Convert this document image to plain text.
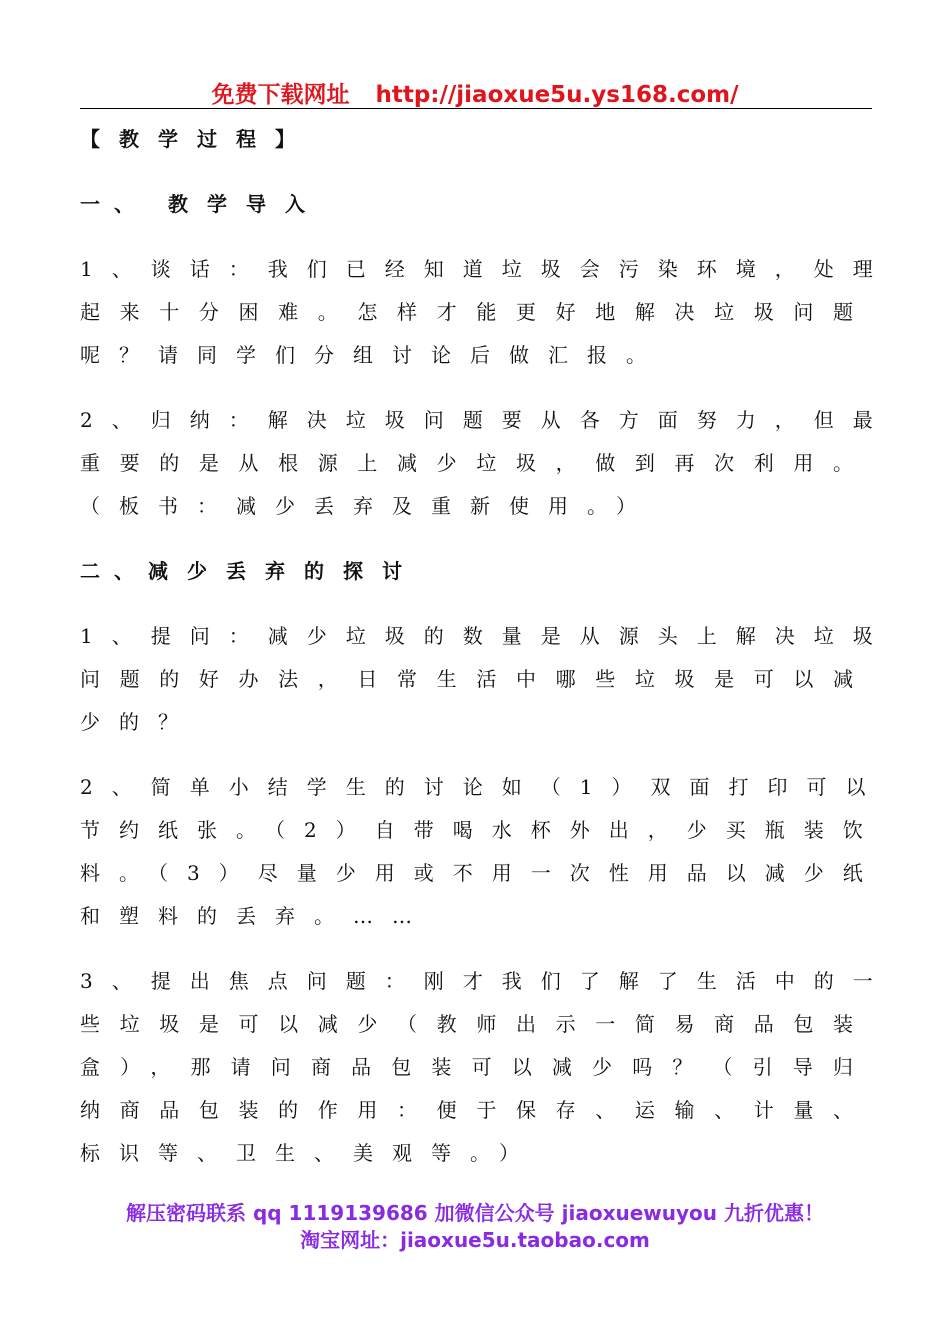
免费下载网址 http://jiaoxue5u.ys168.com/
【教学过程】
一、 教学导入
1、谈话：我们已经知道垃圾会污染环境，处理
起来十分困难。怎样才能更好地解决垃圾问题
呢？请同学们分组讨论后做汇报。
2、归纳：解决垃圾问题要从各方面努力，但最
重要的是从根源上减少垃圾，做到再次利用。
（板书：减少丢弃及重新使用。）
二、减少丢弃的探讨
1、提问：减少垃圾的数量是从源头上解决垃圾
问题的好办法，日常生活中哪些垃圾是可以减
少的？
2、简单小结学生的讨论如（1）双面打印可以
节约纸张。（2）自带喝水杯外出，少买瓶装饮
料。（3）尽量少用或不用一次性用品以减少纸
和塑料的丢弃。……
3、提出焦点问题：刚才我们了解了生活中的一
些垃圾是可以减少（教师出示一简易商品包装
盒），那请问商品包装可以减少吗？（引导归
纳商品包装的作用：便于保存、运输、计量、
标识等、卫生、美观等。）
解压密码联系 qq 1119139686 加微信公众号 jiaoxuewuyou 九折优惠！
淘宝网址：jiaoxue5u.taobao.com
